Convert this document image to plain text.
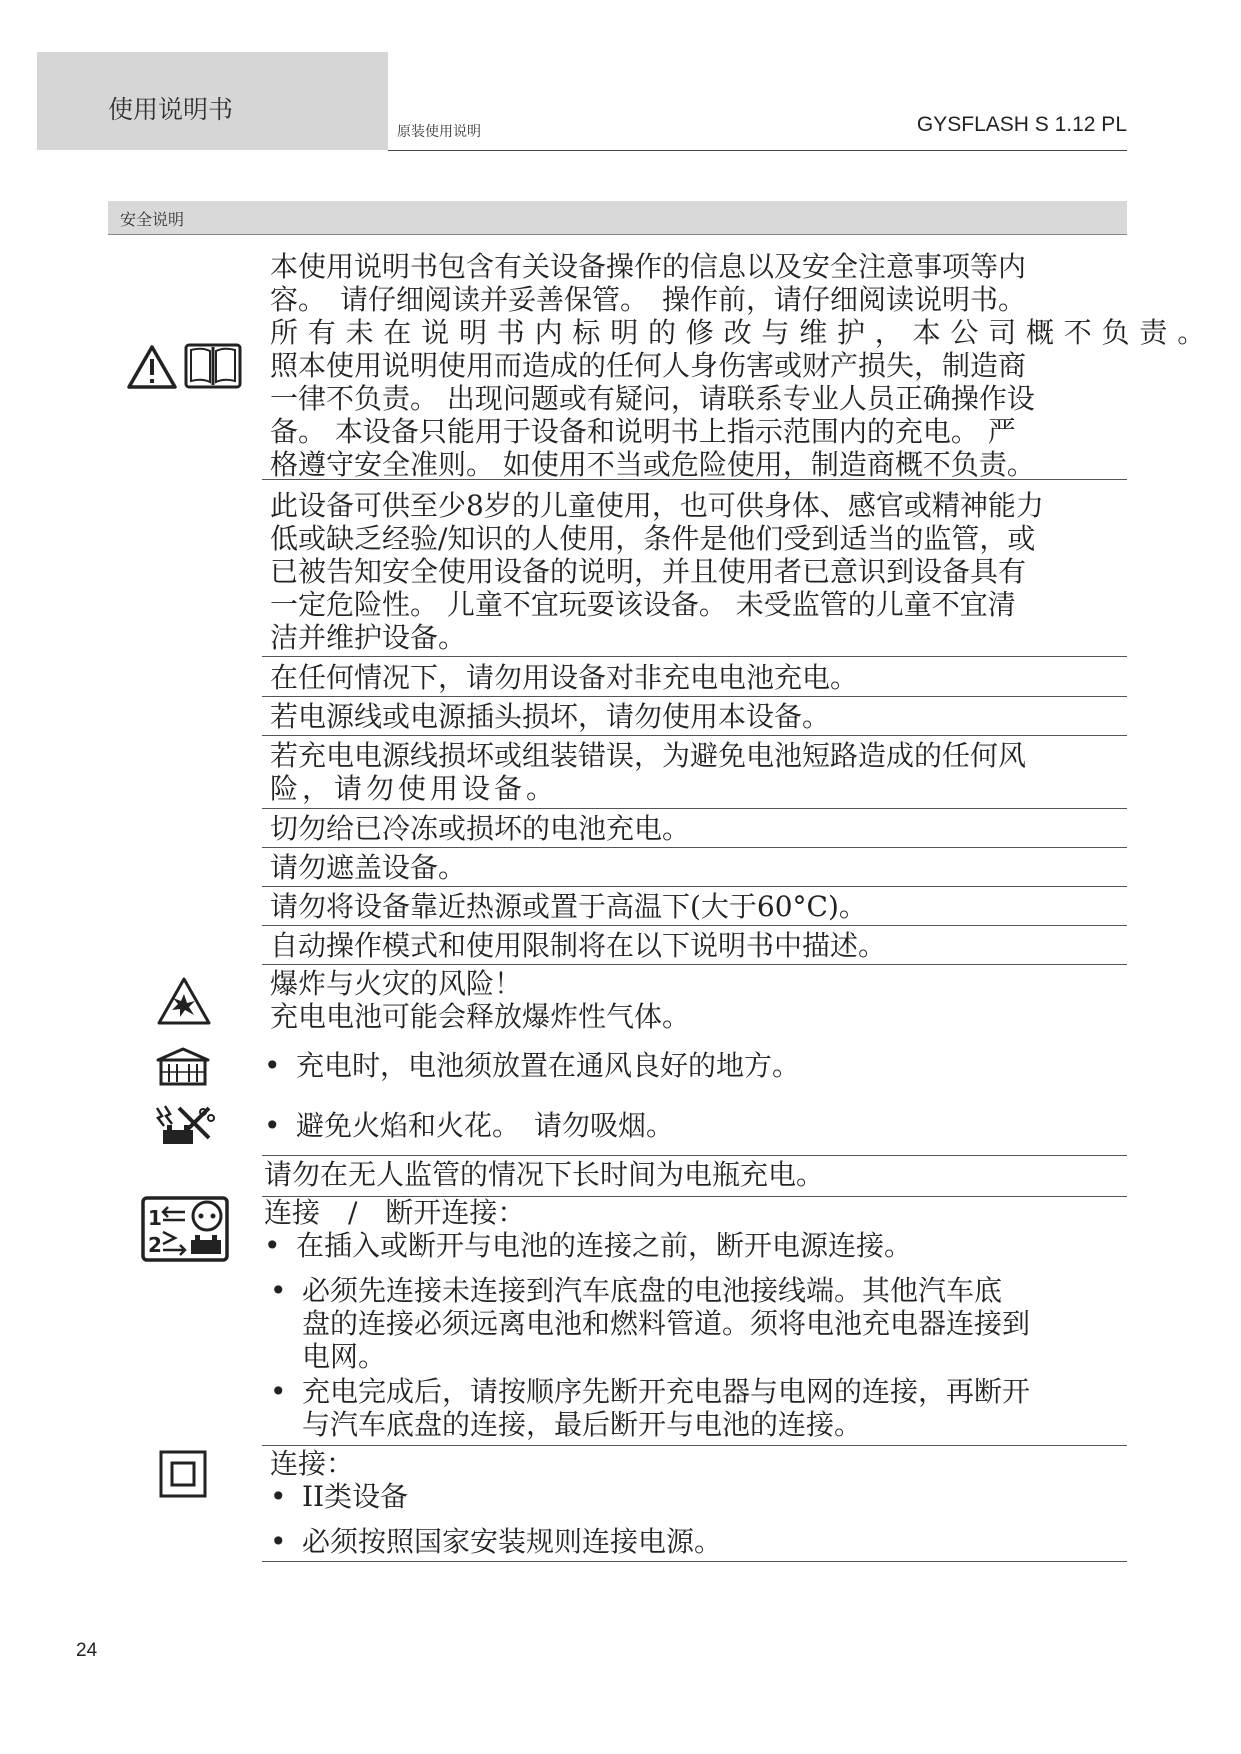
使用说明书
原装使用说明	GYSFLASH S 1.12 PL
安全说明
本使用说明书包含有关设备操作的信息以及安全注意事项等内
容。　请仔细阅读并妥善保管。　操作前，请仔细阅读说明书。
所有未在说明书内标明的修改与维护，本公司概不负责。
照本使用说明使用而造成的任何人身伤害或财产损失，制造商
一律不负责。 出现问题或有疑问，请联系专业人员正确操作设
备。 本设备只能用于设备和说明书上指示范围内的充电。 严
格遵守安全准则。 如使用不当或危险使用，制造商概不负责。
此设备可供至少8岁的儿童使用，也可供身体、感官或精神能力
低或缺乏经验/知识的人使用，条件是他们受到适当的监管，或
已被告知安全使用设备的说明，并且使用者已意识到设备具有
一定危险性。 儿童不宜玩耍该设备。 未受监管的儿童不宜清
洁并维护设备。
在任何情况下，请勿用设备对非充电电池充电。
若电源线或电源插头损坏，请勿使用本设备。
若充电电源线损坏或组装错误，为避免电池短路造成的任何风
险，请勿使用设备。
切勿给已冷冻或损坏的电池充电。
请勿遮盖设备。
请勿将设备靠近热源或置于高温下(大于60°C)。
自动操作模式和使用限制将在以下说明书中描述。
爆炸与火灾的风险！
充电电池可能会释放爆炸性气体。
• 充电时，电池须放置在通风良好的地方。
• 避免火焰和火花。　请勿吸烟。
请勿在无人监管的情况下长时间为电瓶充电。
1
2
连接　/　断开连接：
• 在插入或断开与电池的连接之前，断开电源连接。
• 必须先连接未连接到汽车底盘的电池接线端。其他汽车底
盘的连接必须远离电池和燃料管道。须将电池充电器连接到
电网。
• 充电完成后，请按顺序先断开充电器与电网的连接，再断开
与汽车底盘的连接，最后断开与电池的连接。
连接：
• II类设备
• 必须按照国家安装规则连接电源。
24
